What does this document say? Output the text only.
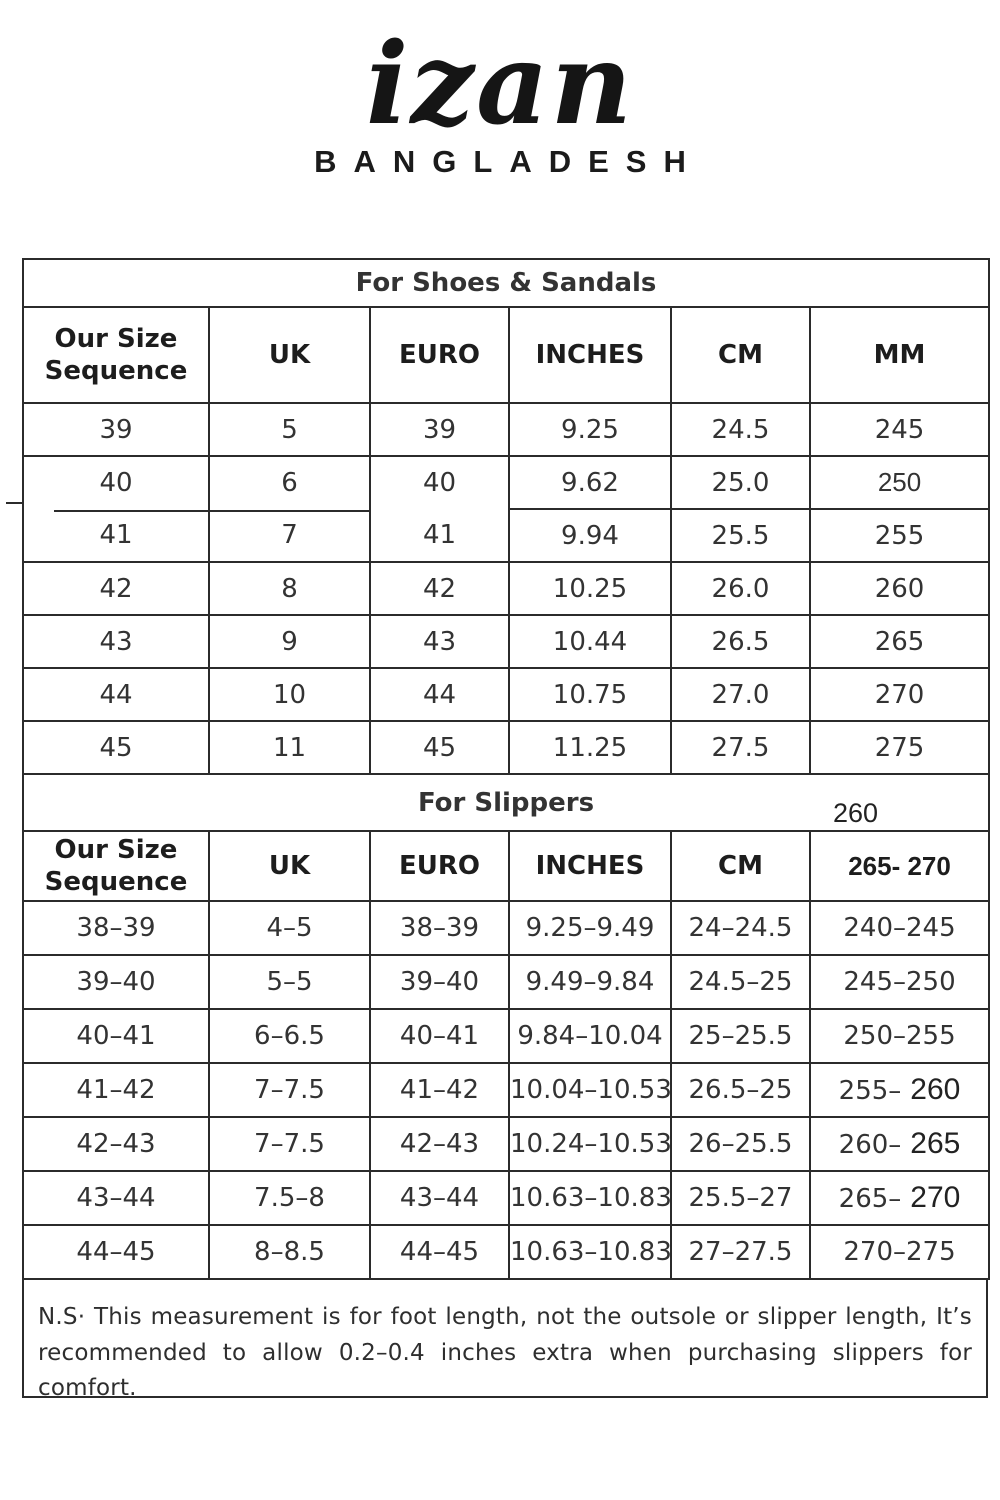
izan
BANGLADESH
For Shoes & Sandals					
Our Size Sequence	UK	EURO	INCHES	CM	MM
39	5	39	9.25	24.5	245
40	6	40	9.62	25.0	250
41	7	41	9.94	25.5	255
42	8	42	10.25	26.0	260
43	9	43	10.44	26.5	265
44	10	44	10.75	27.0	270
45	11	45	11.25	27.5	275
For Slippers 260					

Our Size Sequence	UK	EURO	INCHES	CM	265- 270
38–39	4–5	38–39	9.25–9.49	24–24.5	240–245
39–40	5–5	39–40	9.49–9.84	24.5–25	245–250
40–41	6–6.5	40–41	9.84–10.04	25–25.5	250–255
41–42	7–7.5	41–42	10.04–10.53	26.5–25	255– 260
42–43	7–7.5	42–43	10.24–10.53	26–25.5	260– 265
43–44	7.5–8	43–44	10.63–10.83	25.5–27	265– 270
44–45	8–8.5	44–45	10.63–10.83	27–27.5	270–275
N.S· This measurement is for foot length, not the outsole or slipper length, It’s recommended to allow 0.2–0.4 inches extra when purchasing slippers for comfort.
